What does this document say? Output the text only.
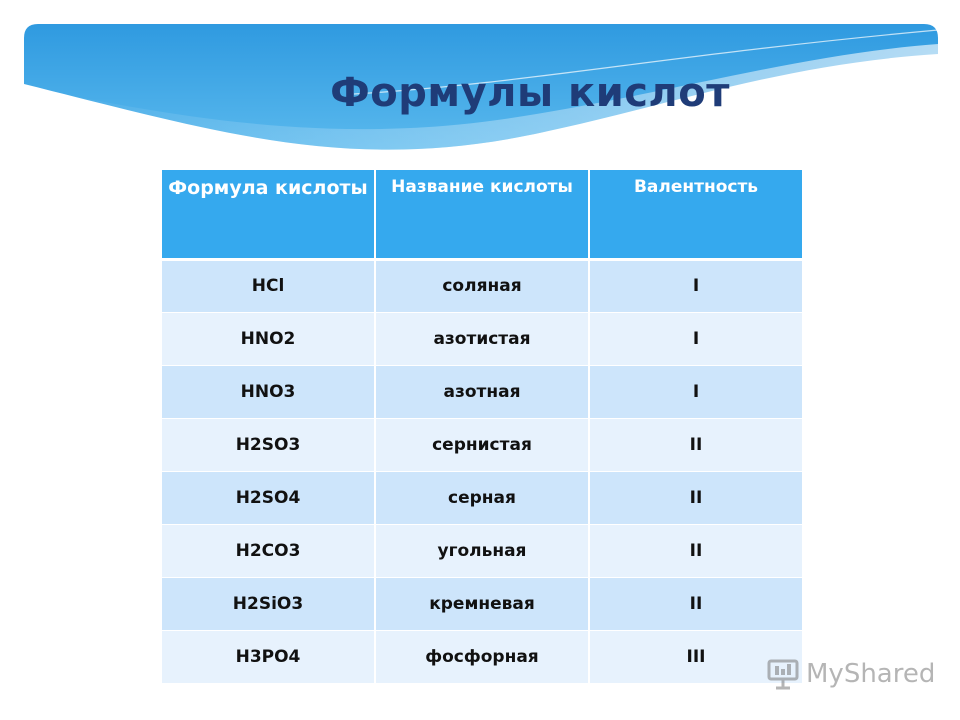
Формулы кислот
Формула кислоты	Название кислоты	Валентность
HCl	соляная	I
HNO2	азотистая	I
HNO3	азотная	I
H2SO3	сернистая	II
H2SO4	серная	II
H2CO3	угольная	II
H2SiO3	кремневая	II
H3PO4	фосфорная	III
MyShared
